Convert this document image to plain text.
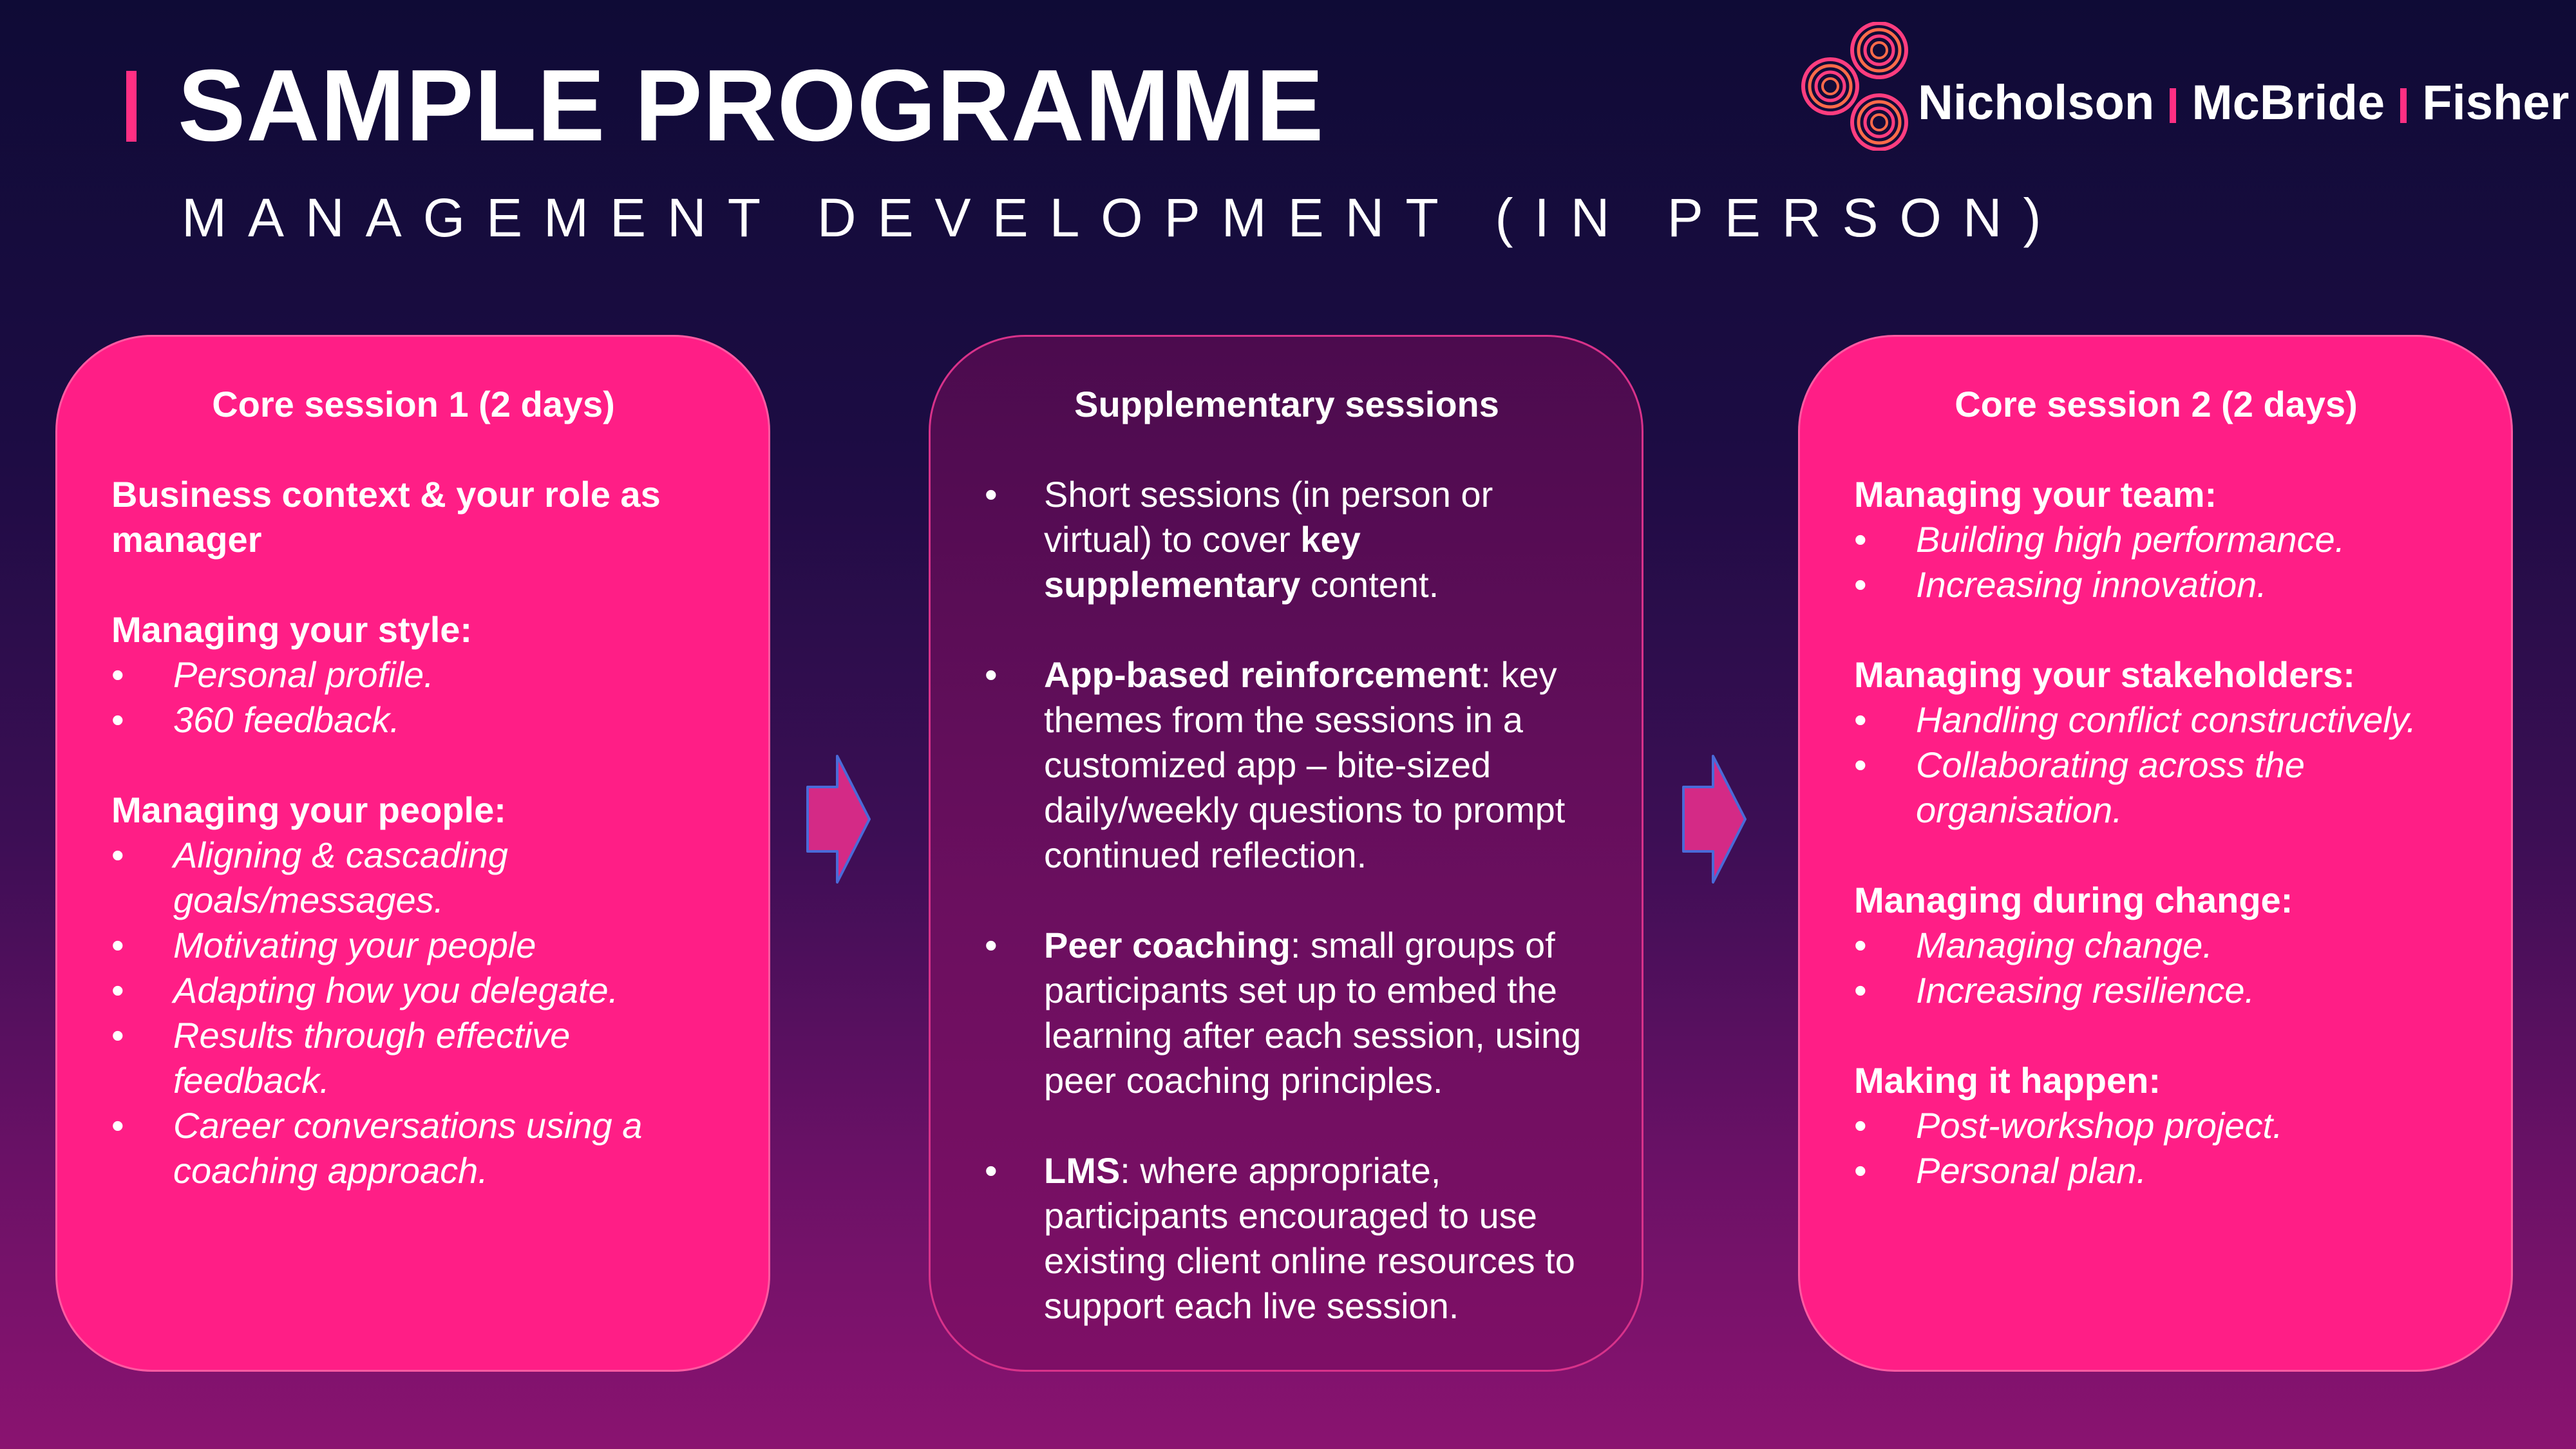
SAMPLE PROGRAMME
MANAGEMENT DEVELOPMENT (IN PERSON)
Nicholson McBride Fisher
Core session 1 (2 days)
Business context & your role as manager
Managing your style:
• Personal profile.
• 360 feedback.
Managing your people:
• Aligning & cascading goals/messages.
• Motivating your people
• Adapting how you delegate.
• Results through effective feedback.
• Career conversations using a coaching approach.
Supplementary sessions
• Short sessions (in person or virtual) to cover key supplementary content.
• App-based reinforcement: key themes from the sessions in a customized app – bite-sized daily/weekly questions to prompt continued reflection.
• Peer coaching: small groups of participants set up to embed the learning after each session, using peer coaching principles.
• LMS: where appropriate, participants encouraged to use existing client online resources to support each live session.
Core session 2 (2 days)
Managing your team:
• Building high performance.
• Increasing innovation.
Managing your stakeholders:
• Handling conflict constructively.
• Collaborating across the organisation.
Managing during change:
• Managing change.
• Increasing resilience.
Making it happen:
• Post-workshop project.
• Personal plan.
